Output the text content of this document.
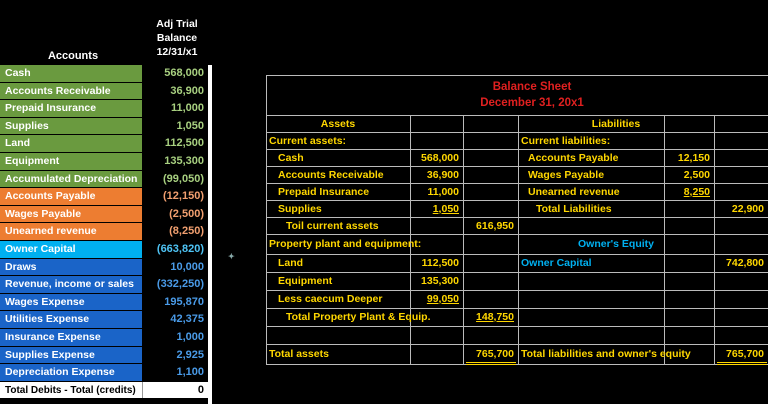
Adj Trial
Balance
12/31/x1
Accounts
Cash	568,000
Accounts Receivable	36,900
Prepaid Insurance	11,000
Supplies	1,050
Land	112,500
Equipment	135,300
Accumulated Depreciation	(99,050)
Accounts Payable	(12,150)
Wages Payable	(2,500)
Unearned revenue	(8,250)
Owner Capital	(663,820)
Draws	10,000
Revenue, income or sales	(332,250)
Wages Expense	195,870
Utilities Expense	42,375
Insurance Expense	1,000
Supplies Expense	2,925
Depreciation Expense	1,100
Total Debits - Total (credits)	0
✦
Balance Sheet
December 31, 20x1
Assets	Liabilities
Current assets:	Current liabilities:
Cash	568,000	Accounts Payable	12,150
Accounts Receivable	36,900	Wages Payable	2,500
Prepaid Insurance	11,000	Unearned revenue	8,250
Supplies	1,050	Total Liabilities	22,900
Toil current assets	616,950
Property plant and equipment:	Owner's Equity
Land	112,500	Owner Capital	742,800
Equipment	135,300
Less caecum Deeper	99,050
Total Property Plant & Equip.	148,750
Total assets	765,700 Total liabilities and owner's equity	765,700
